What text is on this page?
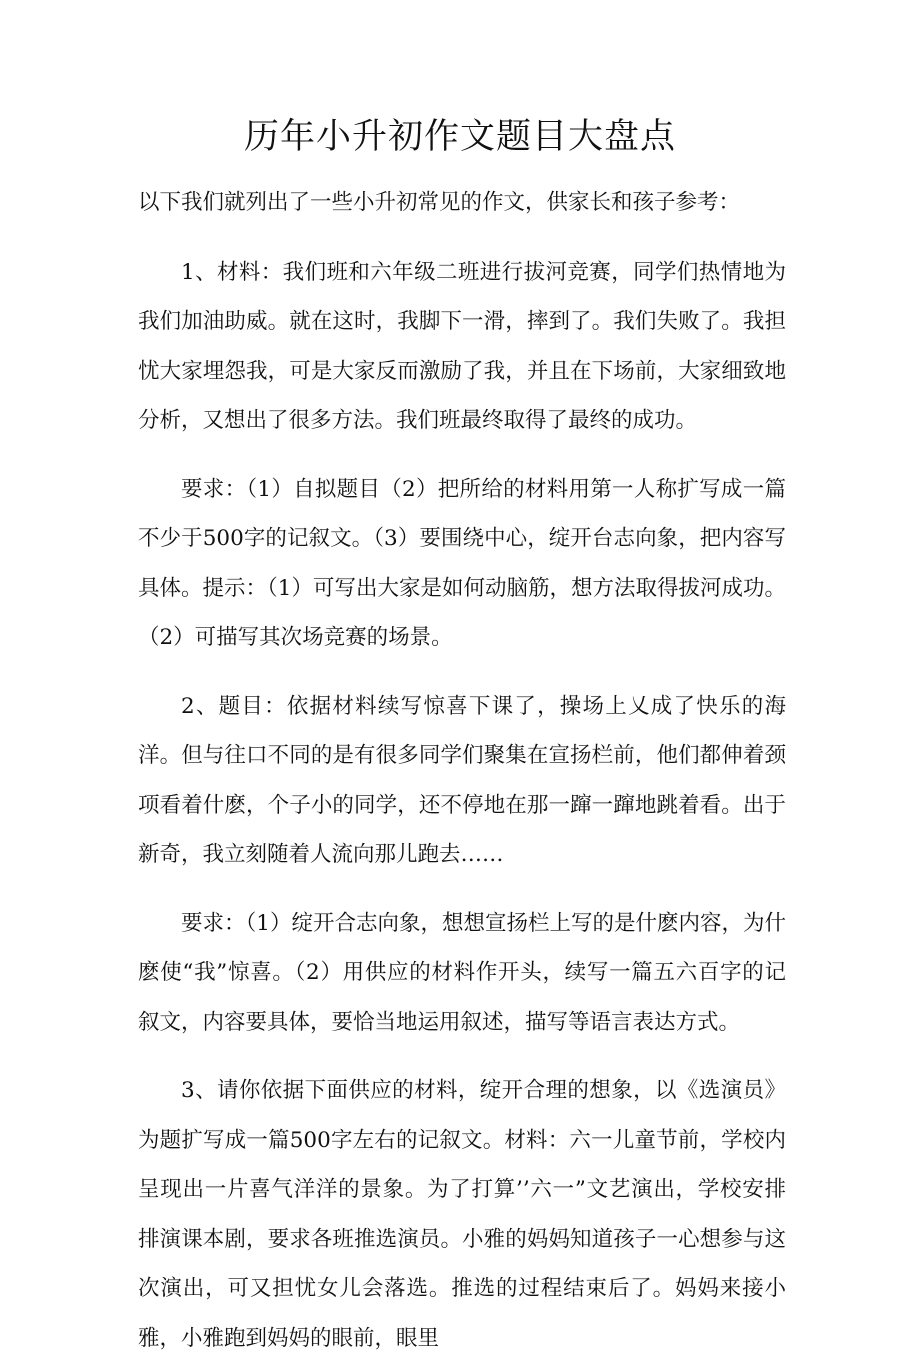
历年小升初作文题目大盘点

以下我们就列出了一些小升初常见的作文，供家长和孩子参考：

1、材料：我们班和六年级二班进行拔河竞赛，同学们热情地为我们加油助威。就在这时，我脚下一滑，摔到了。我们失败了。我担忧大家埋怨我，可是大家反而激励了我，并且在下场前，大家细致地分析，又想出了很多方法。我们班最终取得了最终的成功。

要求：（1）自拟题目（2）把所给的材料用第一人称扩写成一篇不少于500字的记叙文。（3）要围绕中心，绽开台志向象，把内容写具体。提示：（1）可写出大家是如何动脑筋，想方法取得拔河成功。（2）可描写其次场竞赛的场景。

2、题目：依据材料续写惊喜下课了，操场上乂成了快乐的海洋。但与往口不同的是有很多同学们聚集在宣扬栏前，他们都伸着颈项看着什麽，个子小的同学，还不停地在那一蹿一蹿地跳着看。出于新奇，我立刻随着人流向那儿跑去……

要求：（1）绽开合志向象，想想宣扬栏上写的是什麽内容，为什麽使“我”惊喜。（2）用供应的材料作开头，续写一篇五六百字的记叙文，内容要具体，要恰当地运用叙述，描写等语言表达方式。

3、请你依据下面供应的材料，绽开合理的想象，以《选演员》为题扩写成一篇500字左右的记叙文。材料：六一儿童节前，学校内呈现出一片喜气洋洋的景象。为了打算’’六一”文艺演出，学校安排排演课本剧，要求各班推选演员。小雅的妈妈知道孩子一心想参与这次演出，可又担忧女儿会落选。推选的过程结束后了。妈妈来接小雅，小雅跑到妈妈的眼前，眼里
